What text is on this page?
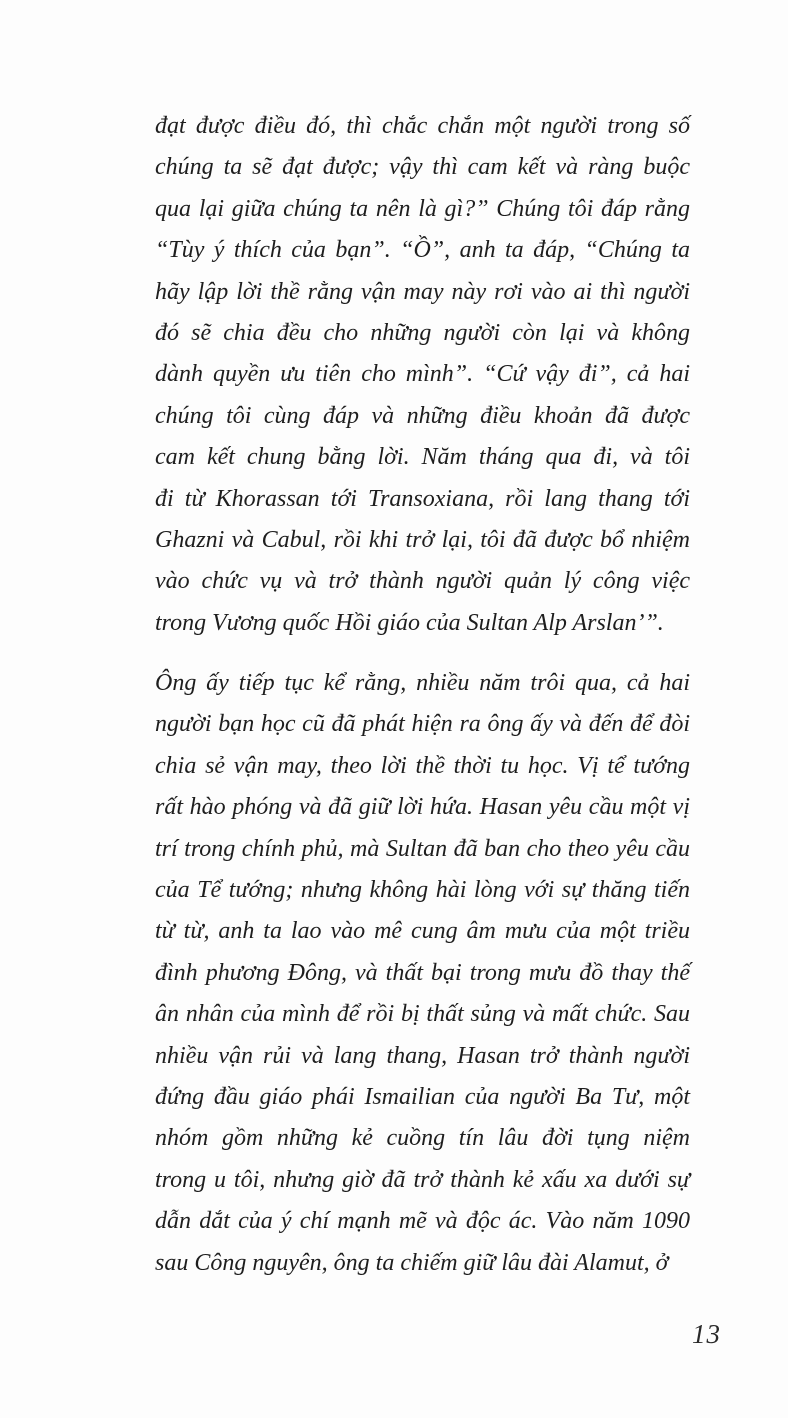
đạt được điều đó, thì chắc chắn một người trong số
chúng ta sẽ đạt được; vậy thì cam kết và ràng buộc
qua lại giữa chúng ta nên là gì?” Chúng tôi đáp rằng
“Tùy ý thích của bạn”. “Ồ”, anh ta đáp, “Chúng ta
hãy lập lời thề rằng vận may này rơi vào ai thì người
đó sẽ chia đều cho những người còn lại và không
dành quyền ưu tiên cho mình”. “Cứ vậy đi”, cả hai
chúng tôi cùng đáp và những điều khoản đã được
cam kết chung bằng lời. Năm tháng qua đi, và tôi
đi từ Khorassan tới Transoxiana, rồi lang thang tới
Ghazni và Cabul, rồi khi trở lại, tôi đã được bổ nhiệm
vào chức vụ và trở thành người quản lý công việc
trong Vương quốc Hồi giáo của Sultan Alp Arslan’”.
Ông ấy tiếp tục kể rằng, nhiều năm trôi qua, cả hai
người bạn học cũ đã phát hiện ra ông ấy và đến để đòi
chia sẻ vận may, theo lời thề thời tu học. Vị tể tướng
rất hào phóng và đã giữ lời hứa. Hasan yêu cầu một vị
trí trong chính phủ, mà Sultan đã ban cho theo yêu cầu
của Tể tướng; nhưng không hài lòng với sự thăng tiến
từ từ, anh ta lao vào mê cung âm mưu của một triều
đình phương Đông, và thất bại trong mưu đồ thay thế
ân nhân của mình để rồi bị thất sủng và mất chức. Sau
nhiều vận rủi và lang thang, Hasan trở thành người
đứng đầu giáo phái Ismailian của người Ba Tư, một
nhóm gồm những kẻ cuồng tín lâu đời tụng niệm
trong u tôi, nhưng giờ đã trở thành kẻ xấu xa dưới sự
dẫn dắt của ý chí mạnh mẽ và độc ác. Vào năm 1090
sau Công nguyên, ông ta chiếm giữ lâu đài Alamut, ở
13
